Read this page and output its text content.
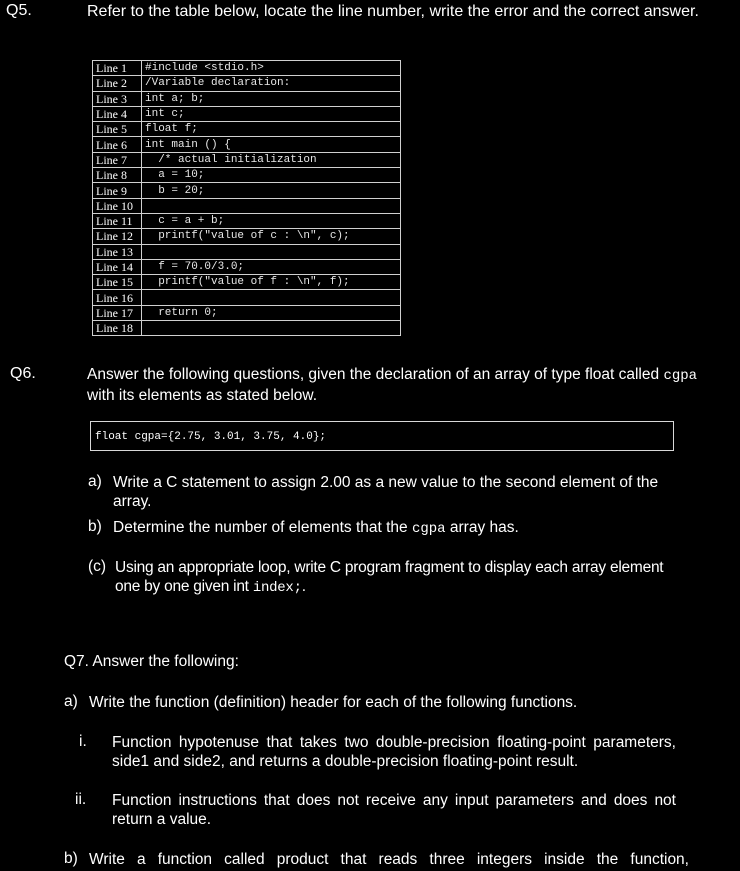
Q5.	Refer to the table below, locate the line number, write the error and the correct answer.
Line 1	#include <stdio.h>
Line 2	/Variable declaration:
Line 3	int a; b;
Line 4	int c;
Line 5	float f;
Line 6	int main () {
Line 7	/* actual initialization
Line 8	a = 10;
Line 9	b = 20;
Line 10	
Line 11	c = a + b;
Line 12	printf("value of c : \n", c);
Line 13	
Line 14	f = 70.0/3.0;
Line 15	printf("value of f : \n", f);
Line 16	
Line 17	return 0;
Line 18	
Q6.	Answer the following questions, given the declaration of an array of type float called cgpa with its elements as stated below.
float cgpa={2.75, 3.01, 3.75, 4.0};
a) Write a C statement to assign 2.00 as a new value to the second element of the array.
b) Determine the number of elements that the cgpa array has.
(c) Using an appropriate loop, write C program fragment to display each array element one by one given int index;.
Q7. Answer the following:
a) Write the function (definition) header for each of the following functions.
i. Function hypotenuse that takes two double-precision floating-point parameters, side1 and side2, and returns a double-precision floating-point result.
ii. Function instructions that does not receive any input parameters and does not return a value.
b) Write a function called product that reads three integers inside the function,
